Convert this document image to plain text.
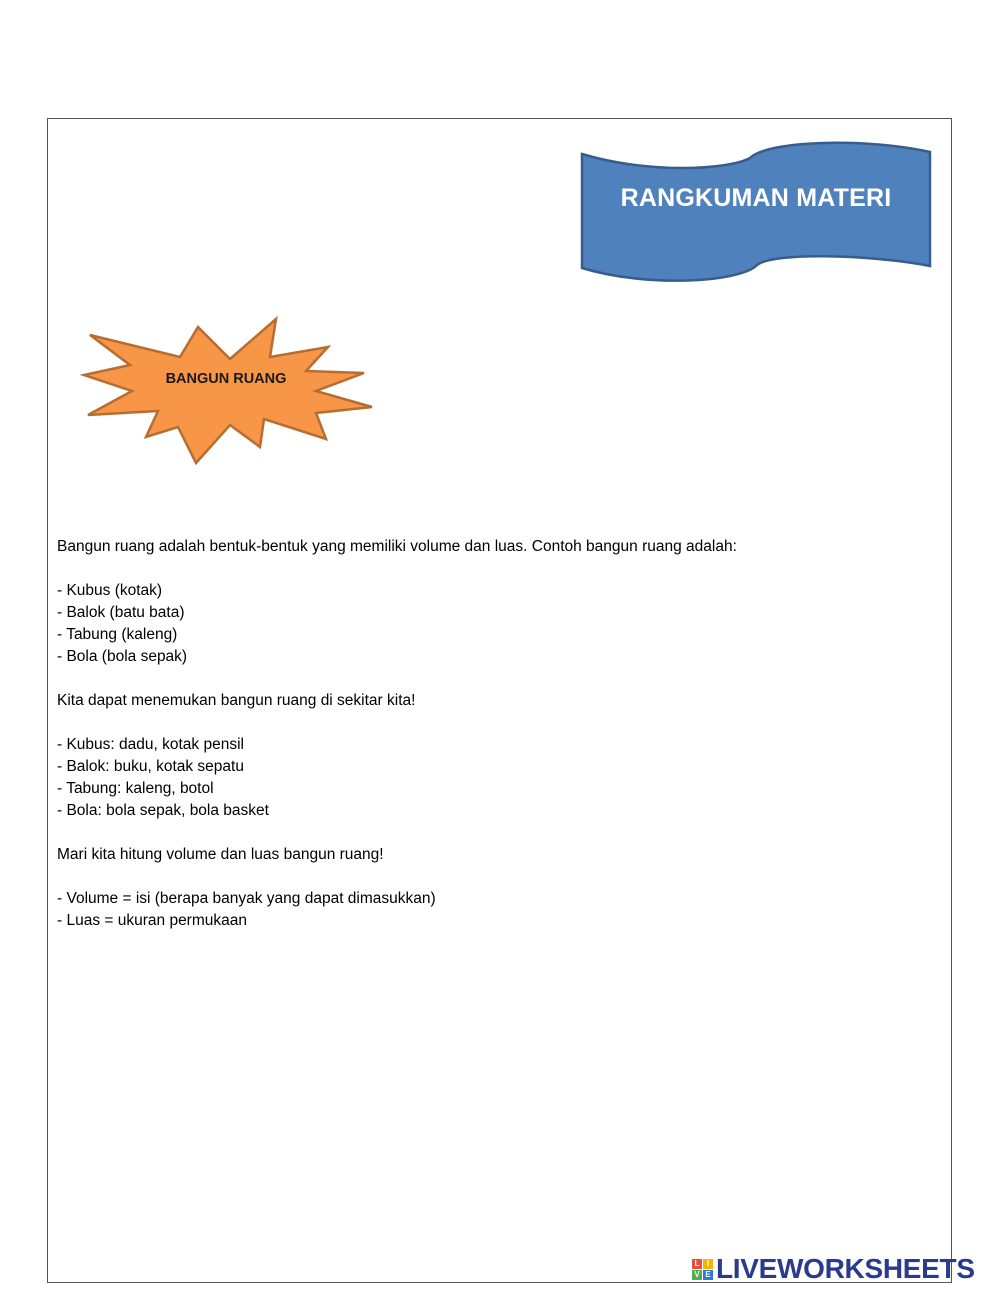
RANGKUMAN MATERI
BANGUN RUANG

Bangun ruang adalah bentuk-bentuk yang memiliki volume dan luas. Contoh bangun ruang adalah:

- Kubus (kotak)

- Balok (batu bata)

- Tabung (kaleng)

- Bola (bola sepak)

Kita dapat menemukan bangun ruang di sekitar kita!

- Kubus: dadu, kotak pensil

- Balok: buku, kotak sepatu

- Tabung: kaleng, botol

- Bola: bola sepak, bola basket

Mari kita hitung volume dan luas bangun ruang!

- Volume = isi (berapa banyak yang dapat dimasukkan)

- Luas = ukuran permukaan

L I
V E LIVEWORKSHEETS
